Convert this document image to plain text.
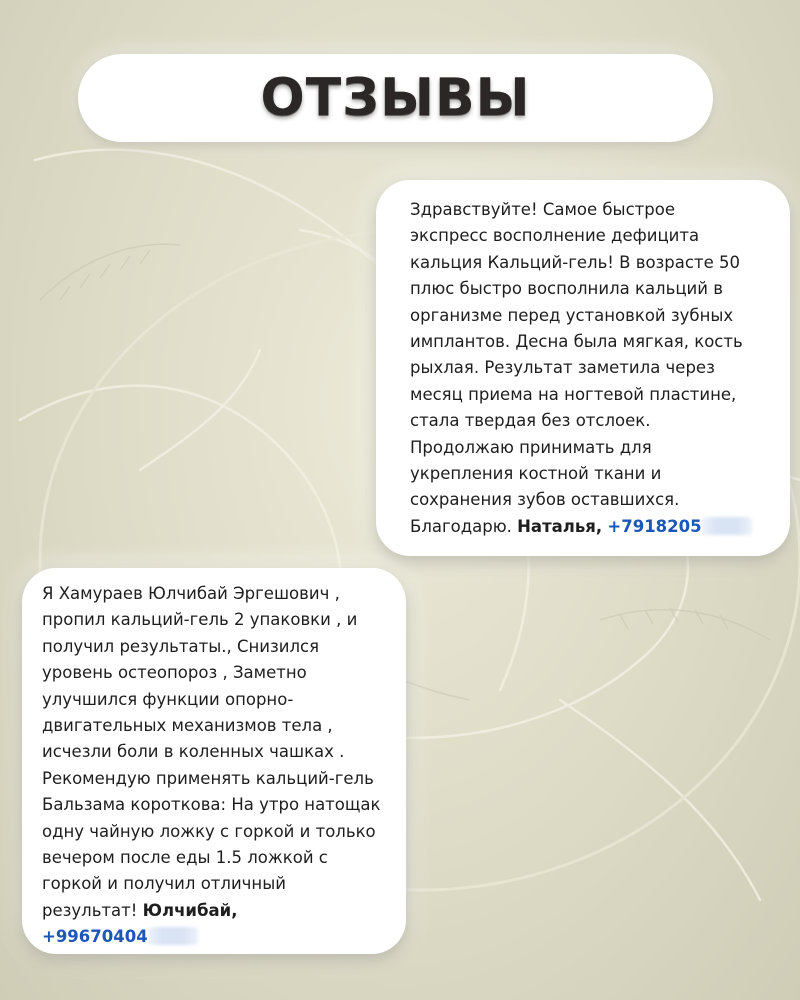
ОТЗЫВЫ
Здравствуйте! Самое быстрое
экспресс восполнение дефицита
кальция Кальций-гель! В возрасте 50
плюс быстро восполнила кальций в
организме перед установкой зубных
имплантов. Десна была мягкая, кость
рыхлая. Результат заметила через
месяц приема на ногтевой пластине,
стала твердая без отслоек.
Продолжаю принимать для
укрепления костной ткани и
сохранения зубов оставшихся.
Благодарю. Наталья, +7918205
Я Хамураев Юлчибай Эргешович ,
пропил кальций-гель 2 упаковки , и
получил результаты., Снизился
уровень остеопороз , Заметно
улучшился функции опорно-
двигательных механизмов тела ,
исчезли боли в коленных чашках .
Рекомендую применять кальций-гель
Бальзама короткова: На утро натощак
одну чайную ложку с горкой и только
вечером после еды 1.5 ложкой с
горкой и получил отличный
результат! Юлчибай,
+99670404
